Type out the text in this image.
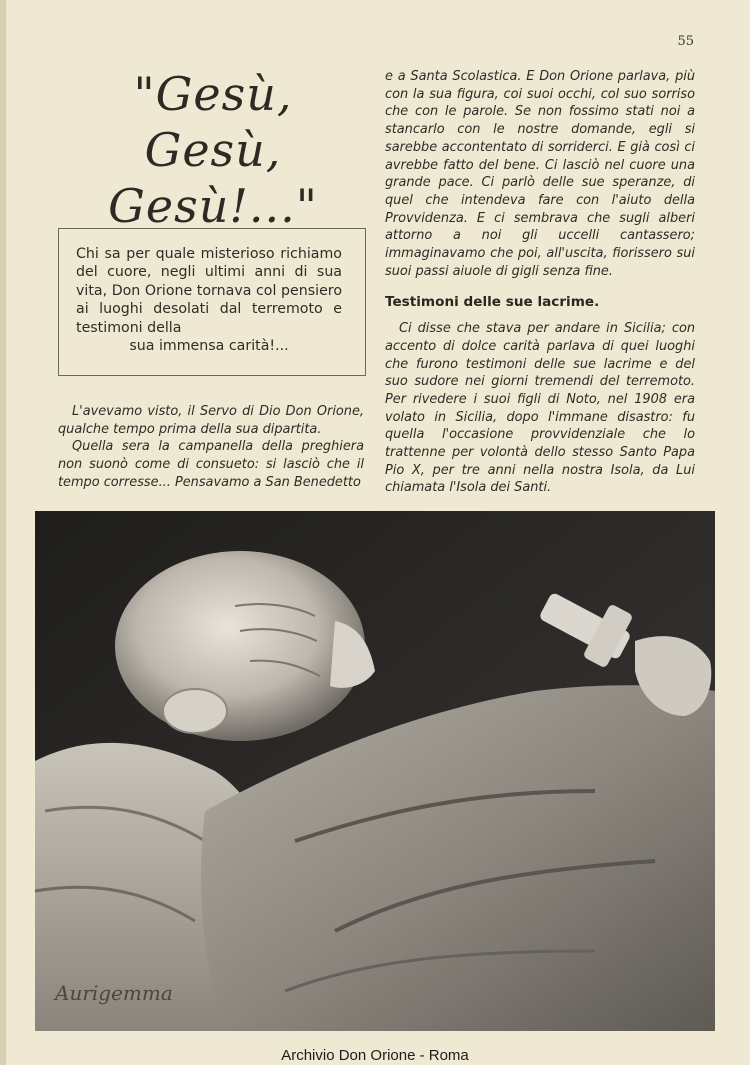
55
"Gesù, Gesù,
Gesù!..."
Chi sa per quale misterioso richiamo del cuore, negli ultimi anni di sua vita, Don Orione tornava col pensiero ai luoghi desolati dal terremoto e testimoni della
sua immensa carità!...

L'avevamo visto, il Servo di Dio Don Orione, qualche tempo prima della sua dipartita.

Quella sera la campanella della preghiera non suonò come di consueto: si lasciò che il tempo corresse... Pensavamo a San Benedetto

e a Santa Scolastica. E Don Orione parlava, più con la sua figura, coi suoi occhi, col suo sorriso che con le parole. Se non fossimo stati noi a stancarlo con le nostre domande, egli si sarebbe accontentato di sorriderci. E già così ci avrebbe fatto del bene. Ci lasciò nel cuore una grande pace. Ci parlò delle sue speranze, di quel che intendeva fare con l'aiuto della Provvidenza. E ci sembrava che sugli alberi attorno a noi gli uccelli cantassero; immaginavamo che poi, all'uscita, fiorissero sui suoi passi aiuole di gigli senza fine.

Testimoni delle sue lacrime.

Ci disse che stava per andare in Sicilia; con accento di dolce carità parlava di quei luoghi che furono testimoni delle sue lacrime e del suo sudore nei giorni tremendi del terremoto. Per rivedere i suoi figli di Noto, nel 1908 era volato in Sicilia, dopo l'immane disastro: fu quella l'occasione provvidenziale che lo trattenne per volontà dello stesso Santo Papa Pio X, per tre anni nella nostra Isola, da Lui chiamata l'Isola dei Santi.

Aurigemma
Archivio Don Orione - Roma
